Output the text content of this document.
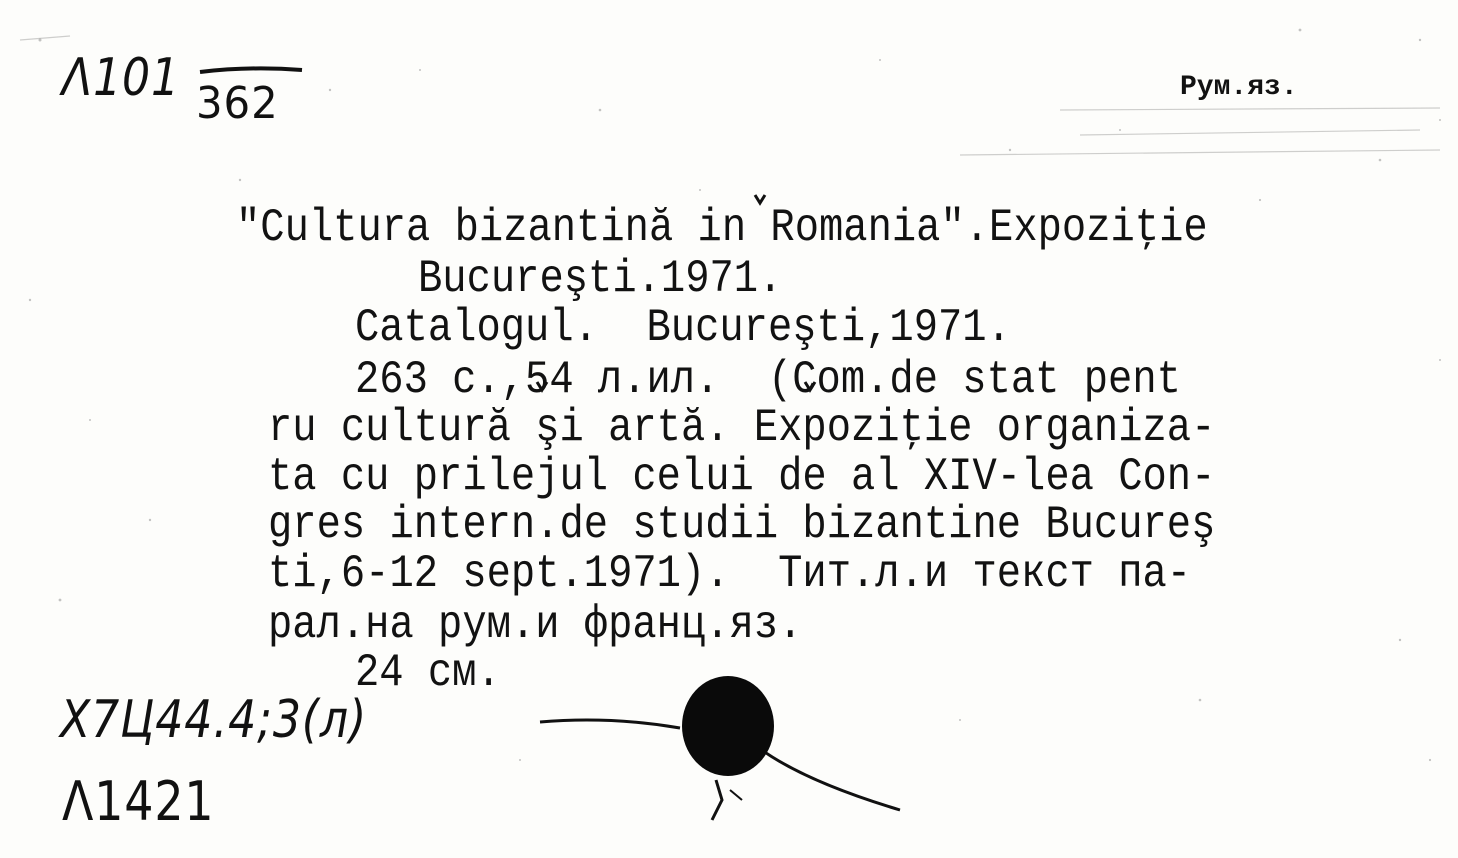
Λ101 362	Рум.яз.
"Cultura bizantină in Romania".Expoziţie
Bucureşti.1971.
Catalogul.  Bucureşti,1971.
263 c.,54 л.ил.  (Com.de stat pent
ru cultură şi artă. Expoziţie organiza-
ta cu prilejul celui de al XIV-lea Con-
gres intern.de studii bizantine Bucureş
ti,6-12 sept.1971).  Тит.л.и текст па-
рал.на рум.и франц.яз.
24 см.
Х7Ц44.4;3(л)
Λ1421
